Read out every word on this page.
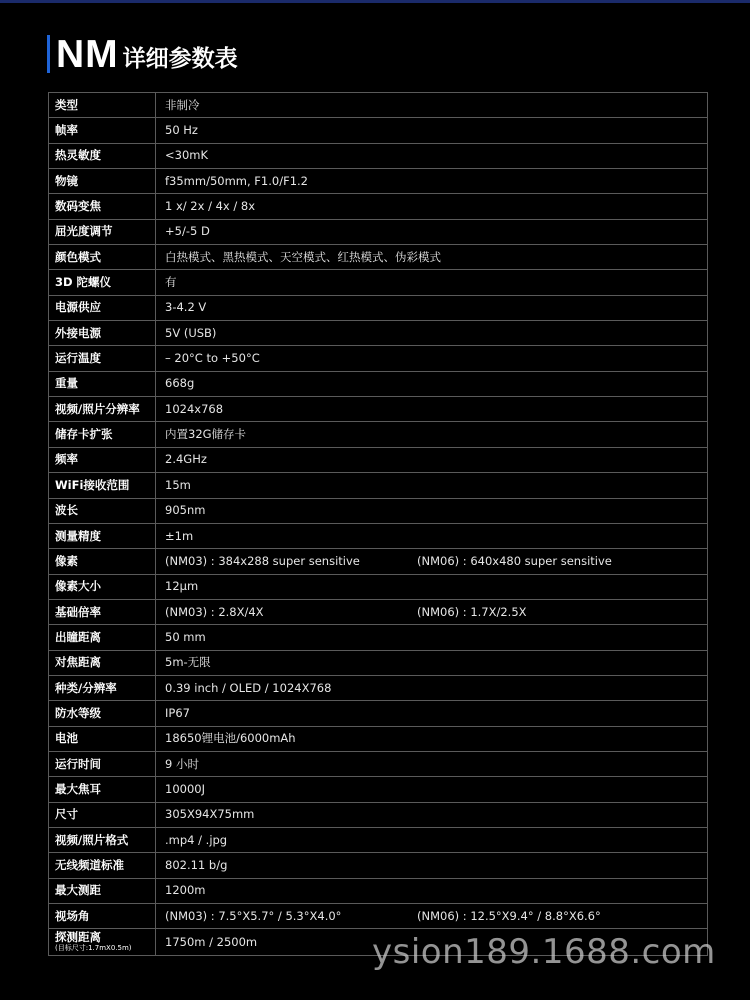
NM 详细参数表
类型	非制冷
帧率	50 Hz
热灵敏度	<30mK
物镜	f35mm/50mm, F1.0/F1.2
数码变焦	1 x/ 2x / 4x / 8x
屈光度调节	+5/-5 D
颜色模式	白热模式、黑热模式、天空模式、红热模式、伪彩模式
3D 陀螺仪	有
电源供应	3-4.2 V
外接电源	5V (USB)
运行温度	– 20°C to +50°C
重量	668g
视频/照片分辨率	1024x768
储存卡扩张	内置32G储存卡
频率	2.4GHz
WiFi接收范围	15m
波长	905nm
测量精度	±1m
像素	(NM03) : 384x288 super sensitive (NM06) : 640x480 super sensitive
像素大小	12μm
基础倍率	(NM03) : 2.8X/4X (NM06) : 1.7X/2.5X
出瞳距离	50 mm
对焦距离	5m-无限
种类/分辨率	0.39 inch / OLED / 1024X768
防水等级	IP67
电池	18650锂电池/6000mAh
运行时间	9 小时
最大焦耳	10000J
尺寸	305X94X75mm
视频/照片格式	.mp4 / .jpg
无线频道标准	802.11 b/g
最大测距	1200m
视场角	(NM03) : 7.5°X5.7° / 5.3°X4.0° (NM06) : 12.5°X9.4° / 8.8°X6.6°
探测距离
(目标尺寸:1.7mX0.5m)	1750m / 2500m	ysion189.1688.com
